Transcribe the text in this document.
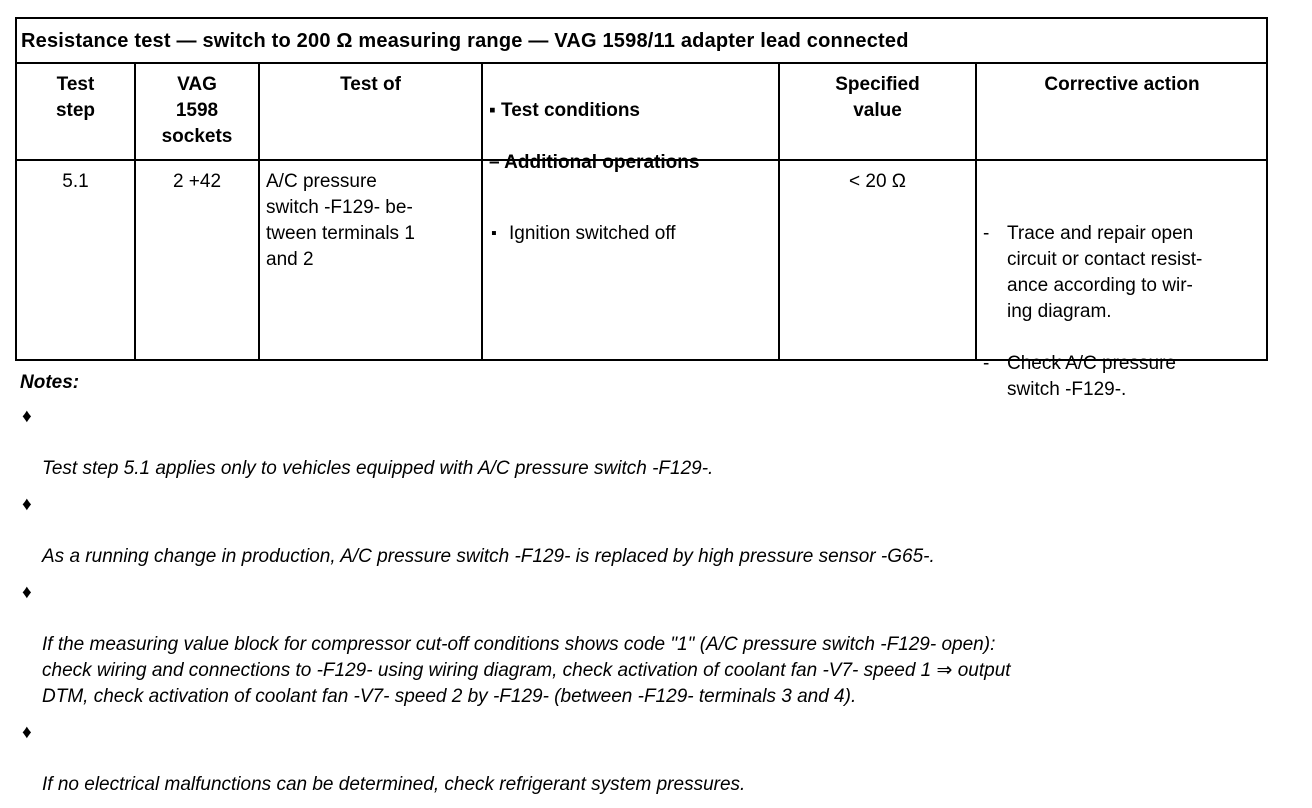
Resistance test — switch to 200 Ω measuring range — VAG 1598/11 adapter lead connected
Test
step
VAG
1598
sockets
Test of

▪ Test conditions

– Additional operations

Specified
value
Corrective action
5.1	2 +42	A/C pressure
switch -F129- be-
tween terminals 1
and 2

▪ Ignition switched off

< 20 Ω

- Trace and repair open
circuit or contact resist-
ance according to wir-
ing diagram.

- Check A/C pressure
switch -F129-.

Notes:

♦

Test step 5.1 applies only to vehicles equipped with A/C pressure switch -F129-.

♦

As a running change in production, A/C pressure switch -F129- is replaced by high pressure sensor -G65-.

♦

If the measuring value block for compressor cut-off conditions shows code "1" (A/C pressure switch -F129- open):
check wiring and connections to -F129- using wiring diagram, check activation of coolant fan -V7- speed 1 ⇒ output
DTM, check activation of coolant fan -V7- speed 2 by -F129- (between -F129- terminals 3 and 4).

♦

If no electrical malfunctions can be determined, check refrigerant system pressures.
